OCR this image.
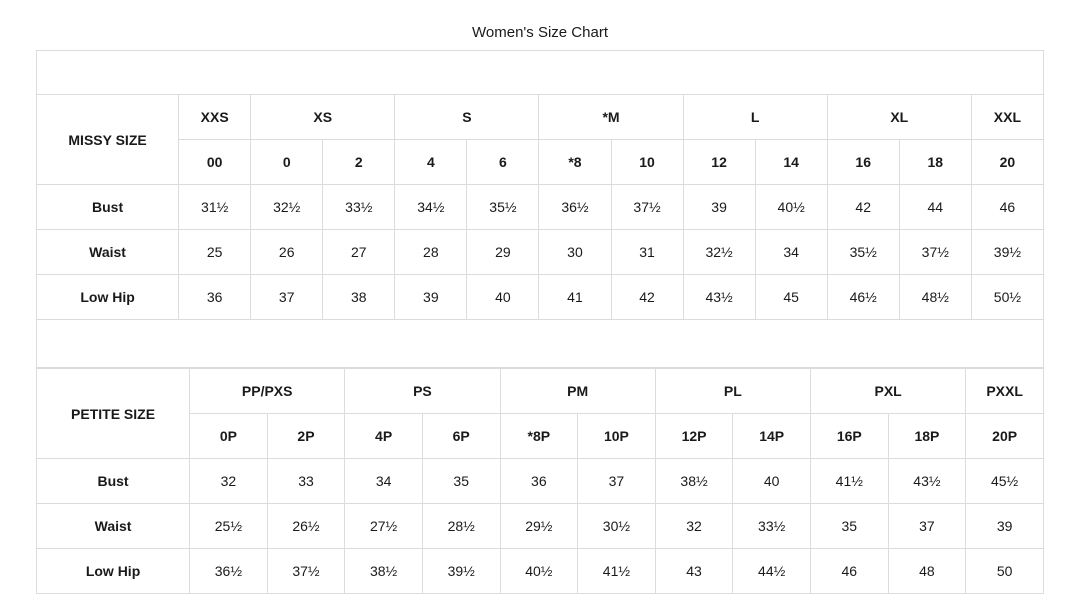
Women's Size Chart
MISSY SIZE	XXS	XS		S		*M		L		XL		XXL
	00	0	2	4	6	*8	10	12	14	16	18	20
Bust	31½	32½	33½	34½	35½	36½	37½	39	40½	42	44	46
Waist	25	26	27	28	29	30	31	32½	34	35½	37½	39½
Low Hip	36	37	38	39	40	41	42	43½	45	46½	48½	50½
PETITE SIZE	PP/PXS		PS		PM		PL		PXL		PXXL
	0P	2P	4P	6P	*8P	10P	12P	14P	16P	18P	20P
Bust	32	33	34	35	36	37	38½	40	41½	43½	45½
Waist	25½	26½	27½	28½	29½	30½	32	33½	35	37	39
Low Hip	36½	37½	38½	39½	40½	41½	43	44½	46	48	50
